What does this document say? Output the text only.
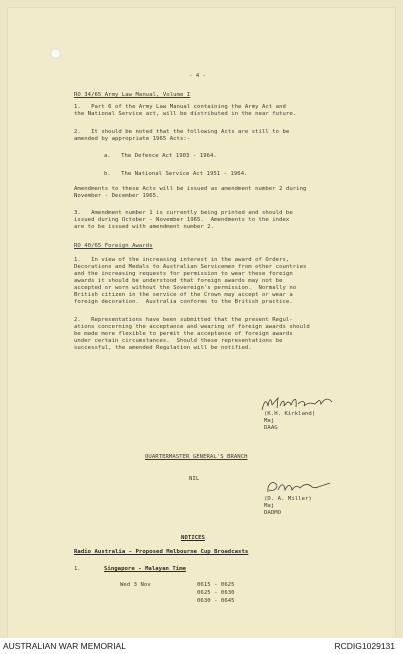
- 4 -
RO 34/65 Army Law Manual, Volume I
1.   Part 6 of the Army Law Manual containing the Army Act and
the National Service act, will be distributed in the near future.
2.   It should be noted that the following Acts are still to be
amended by appropriate 1965 Acts:-
a.   The Defence Act 1903 - 1964.
b.   The National Service Act 1951 - 1964.
Amendments to these Acts will be issued as amendment number 2 during
November - December 1965.
3.   Amendment number 1 is currently being printed and should be
issued during October - November 1965.  Amendments to the index
are to be issued with amendment number 2.
RO 40/65 Foreign Awards
1.   In view of the increasing interest in the award of Orders,
Decorations and Medals to Australian Servicemen from other countries
and the increasing requests for permission to wear these foreign
awards it should be understood that foreign awards may not be
accepted or worn without the Sovereign's permission.  Normally no
British citizen in the service of the Crown may accept or wear a
foreign decoration.  Australia conforms to the British practice.
2.   Representations have been submitted that the present Regul-
ations concerning the acceptance and wearing of foreign awards should
be made more flexible to permit the acceptance of foreign awards
under certain circumstances.  Should these representations be
successful, the amended Regulation will be notified.
(K.H. Kirkland)
Maj
DAAG
QUARTERMASTER GENERAL'S BRANCH
NIL
(D. A. Miller)
Maj
DADMO
NOTICES
Radio Australia - Proposed Melbourne Cup Broadcasts
1.	Singapore - Malayan Time
Wed 3 Nov	0615 - 0625
0625 - 0630
0630 - 0645
AUSTRALIAN WAR MEMORIAL	RCDIG1029131
